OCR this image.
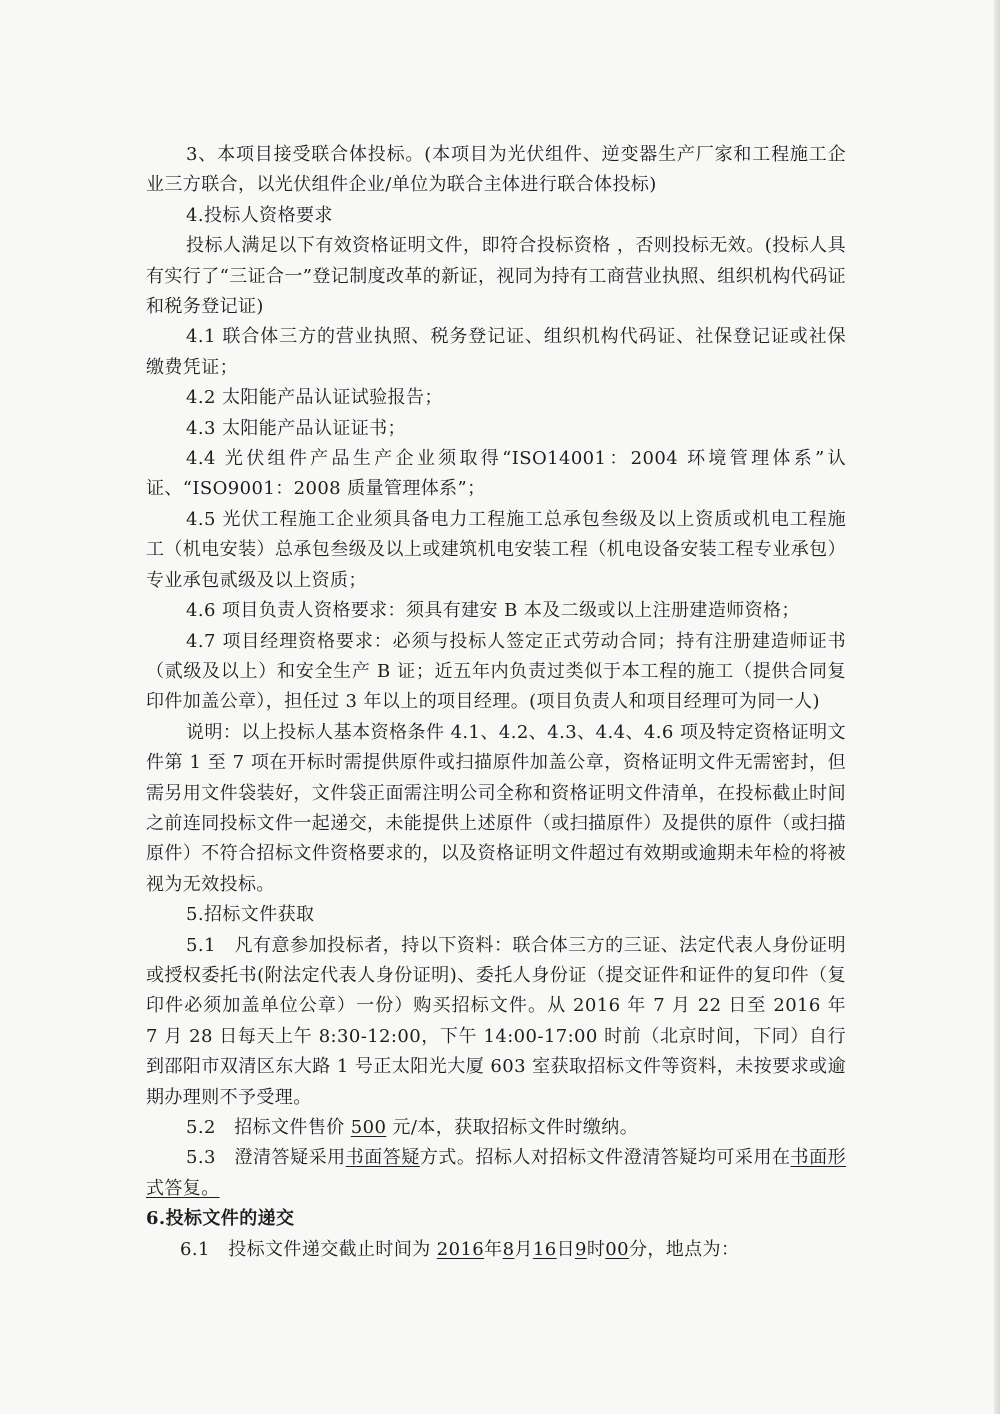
3、本项目接受联合体投标。(本项目为光伏组件、逆变器生产厂家和工程施工企业三方联合，以光伏组件企业/单位为联合主体进行联合体投标)

4.投标人资格要求

投标人满足以下有效资格证明文件，即符合投标资格 ，否则投标无效。(投标人具有实行了“三证合一”登记制度改革的新证，视同为持有工商营业执照、组织机构代码证和税务登记证)

4.1 联合体三方的营业执照、税务登记证、组织机构代码证、社保登记证或社保缴费凭证；

4.2 太阳能产品认证试验报告；

4.3 太阳能产品认证证书；

4.4 光伏组件产品生产企业须取得“ISO14001：2004 环境管理体系”认证、“ISO9001：2008 质量管理体系”；

4.5 光伏工程施工企业须具备电力工程施工总承包叁级及以上资质或机电工程施工（机电安装）总承包叁级及以上或建筑机电安装工程（机电设备安装工程专业承包）专业承包贰级及以上资质；

4.6 项目负责人资格要求：须具有建安 B 本及二级或以上注册建造师资格；

4.7 项目经理资格要求：必须与投标人签定正式劳动合同；持有注册建造师证书（贰级及以上）和安全生产 B 证；近五年内负责过类似于本工程的施工（提供合同复印件加盖公章），担任过 3 年以上的项目经理。(项目负责人和项目经理可为同一人)

说明：以上投标人基本资格条件 4.1、4.2、4.3、4.4、4.6 项及特定资格证明文件第 1 至 7 项在开标时需提供原件或扫描原件加盖公章，资格证明文件无需密封，但需另用文件袋装好，文件袋正面需注明公司全称和资格证明文件清单，在投标截止时间之前连同投标文件一起递交，未能提供上述原件（或扫描原件）及提供的原件（或扫描原件）不符合招标文件资格要求的，以及资格证明文件超过有效期或逾期未年检的将被视为无效投标。

5.招标文件获取

5.1　凡有意参加投标者，持以下资料：联合体三方的三证、法定代表人身份证明或授权委托书(附法定代表人身份证明)、委托人身份证（提交证件和证件的复印件（复印件必须加盖单位公章）一份）购买招标文件。从 2016 年 7 月 22 日至 2016 年　7 月 28 日每天上午 8:30-12:00，下午 14:00-17:00 时前（北京时间，下同）自行到邵阳市双清区东大路 1 号正太阳光大厦 603 室获取招标文件等资料，未按要求或逾期办理则不予受理。

5.2　招标文件售价 500 元/本，获取招标文件时缴纳。

5.3　澄清答疑采用书面答疑方式。招标人对招标文件澄清答疑均可采用在书面形式答复。

6.投标文件的递交

6.1　投标文件递交截止时间为 2016年8月16日9时00分，地点为：
